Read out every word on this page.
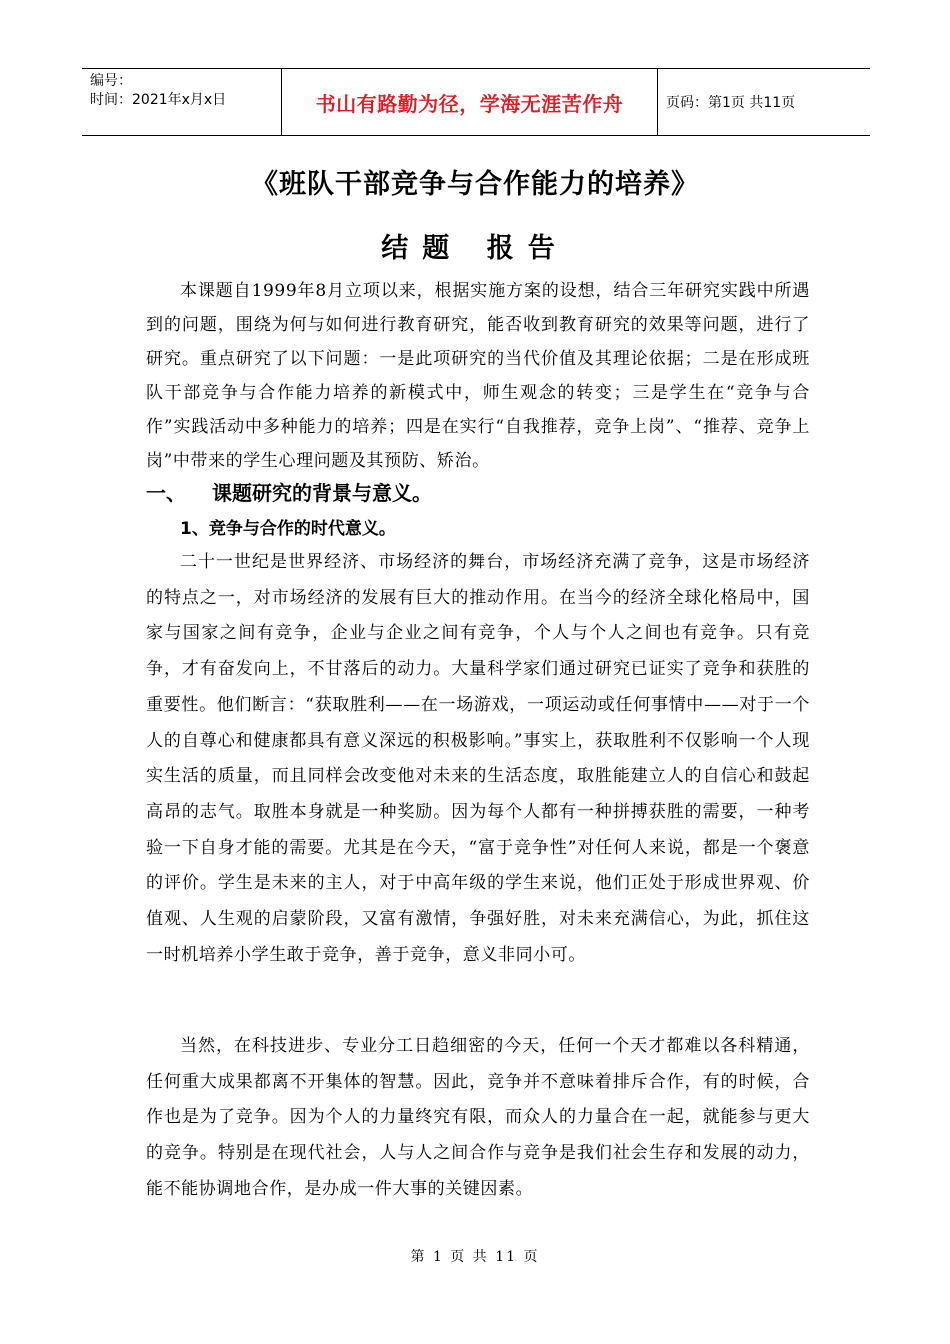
编号：
时间：2021年x月x日	书山有路勤为径，学海无涯苦作舟	页码：第1页 共11页
《班队干部竞争与合作能力的培养》
结题 报告

本课题自1999年8月立项以来，根据实施方案的设想，结合三年研究实践中所遇到的问题，围绕为何与如何进行教育研究，能否收到教育研究的效果等问题，进行了研究。重点研究了以下问题：一是此项研究的当代价值及其理论依据；二是在形成班队干部竞争与合作能力培养的新模式中，师生观念的转变；三是学生在“竞争与合作”实践活动中多种能力的培养；四是在实行“自我推荐，竞争上岗”、“推荐、竞争上岗”中带来的学生心理问题及其预防、矫治。

一、 课题研究的背景与意义。
1、竞争与合作的时代意义。

二十一世纪是世界经济、市场经济的舞台，市场经济充满了竞争，这是市场经济的特点之一，对市场经济的发展有巨大的推动作用。在当今的经济全球化格局中，国家与国家之间有竞争，企业与企业之间有竞争，个人与个人之间也有竞争。只有竞争，才有奋发向上，不甘落后的动力。大量科学家们通过研究已证实了竞争和获胜的重要性。他们断言：“获取胜利——在一场游戏，一项运动或任何事情中——对于一个人的自尊心和健康都具有意义深远的积极影响。”事实上，获取胜利不仅影响一个人现实生活的质量，而且同样会改变他对未来的生活态度，取胜能建立人的自信心和鼓起高昂的志气。取胜本身就是一种奖励。因为每个人都有一种拼搏获胜的需要，一种考验一下自身才能的需要。尤其是在今天，“富于竞争性”对任何人来说，都是一个褒意的评价。学生是未来的主人，对于中高年级的学生来说，他们正处于形成世界观、价值观、人生观的启蒙阶段，又富有激情，争强好胜，对未来充满信心，为此，抓住这一时机培养小学生敢于竞争，善于竞争，意义非同小可。

当然，在科技进步、专业分工日趋细密的今天，任何一个天才都难以各科精通，任何重大成果都离不开集体的智慧。因此，竞争并不意味着排斥合作，有的时候，合作也是为了竞争。因为个人的力量终究有限，而众人的力量合在一起，就能参与更大的竞争。特别是在现代社会，人与人之间合作与竞争是我们社会生存和发展的动力，能不能协调地合作，是办成一件大事的关键因素。

第 1 页 共 11 页
